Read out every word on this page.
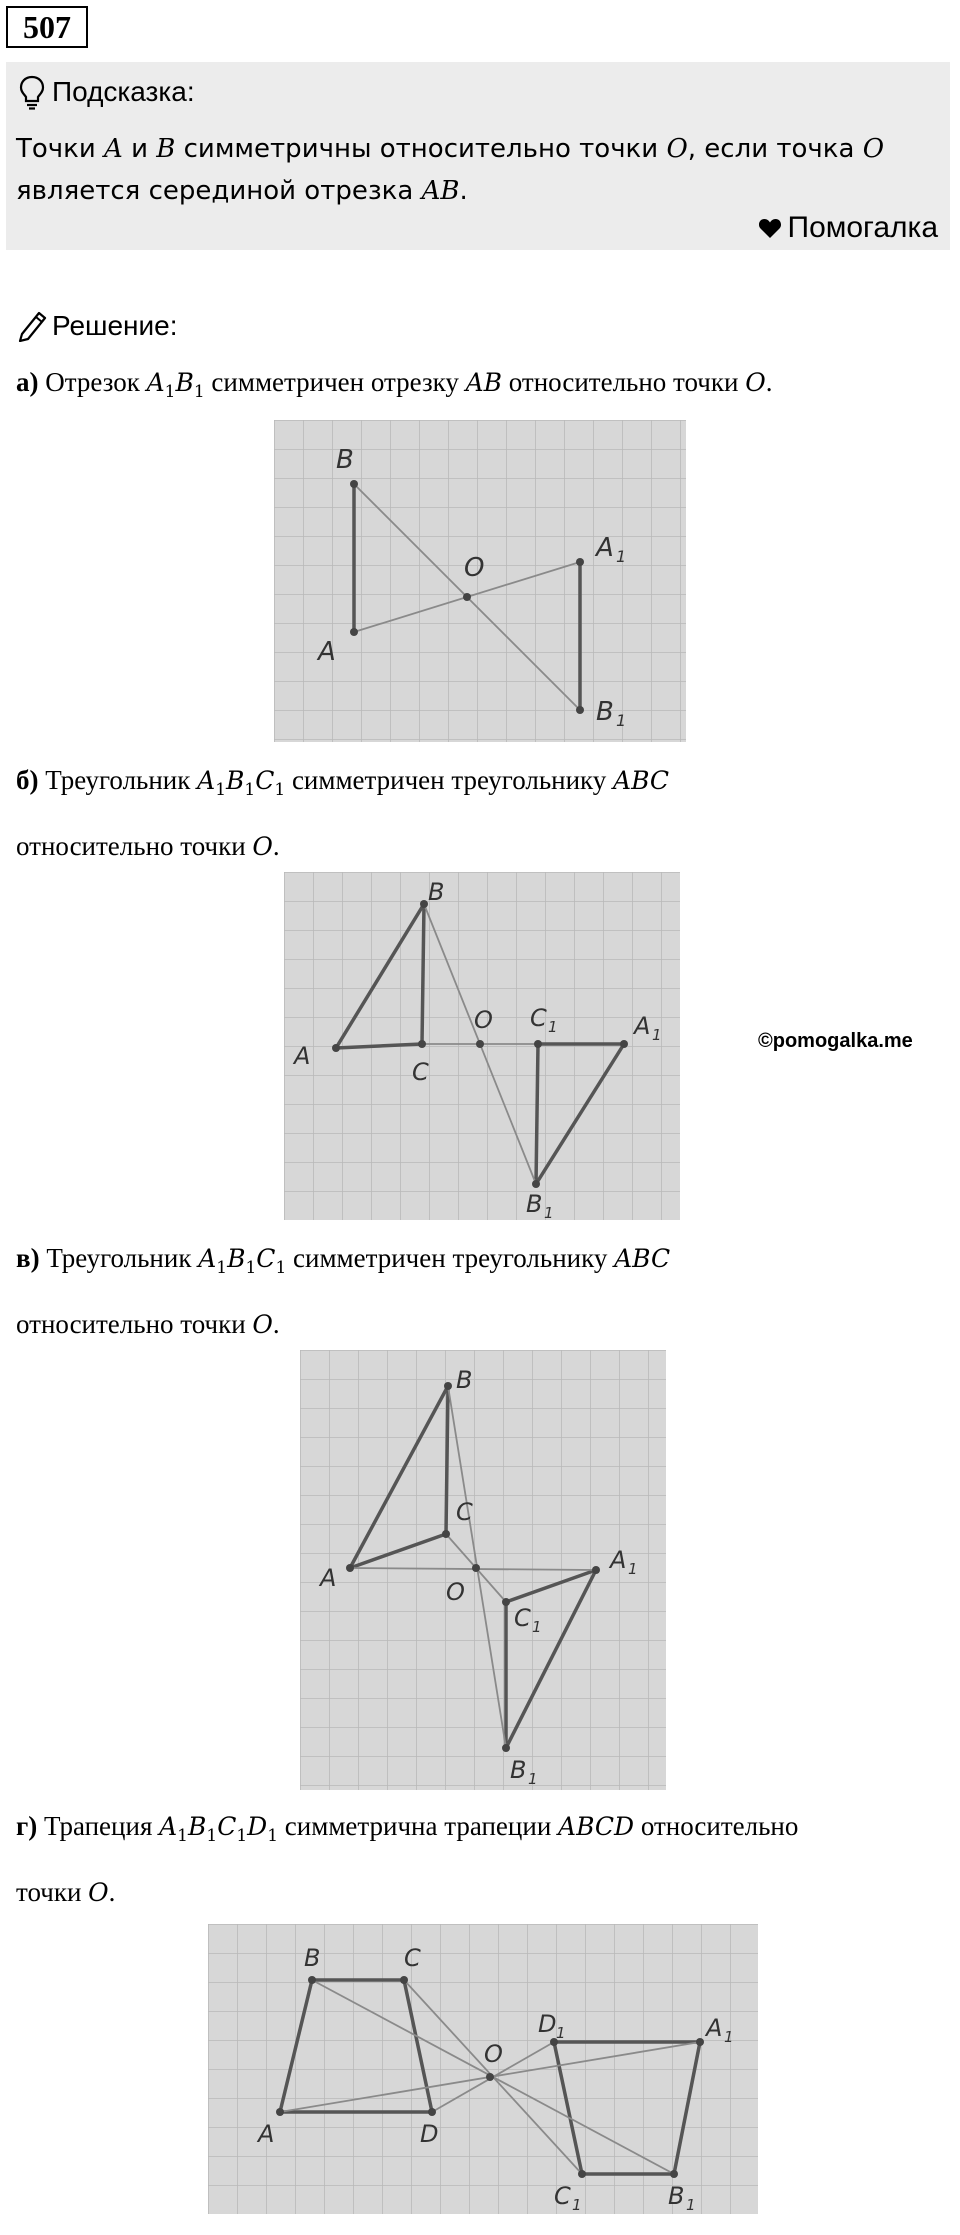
507
Подсказка:
Точки A и B симметричны относительно точки O, если точка O
является серединой отрезка AB.
Помогалка
Решение:
а) Отрезок $A_1B_1$ симметричен отрезку AB относительно точки O.
B
A
O
A 1
B 1
б) Треугольник $A_1B_1C_1$ симметричен треугольнику ABC
относительно точки O.
B
A
C
O C 1	A 1
B 1
©pomogalka.me
в) Треугольник $A_1B_1C_1$ симметричен треугольнику ABC
относительно точки O.
B
C
A	O
A 1
C 1
B 1
г) Трапеция $A_1B_1C_1D_1$ симметрична трапеции ABCD относительно
точки O.
B	C
A	D
O
D 1	A 1
C 1	B 1
